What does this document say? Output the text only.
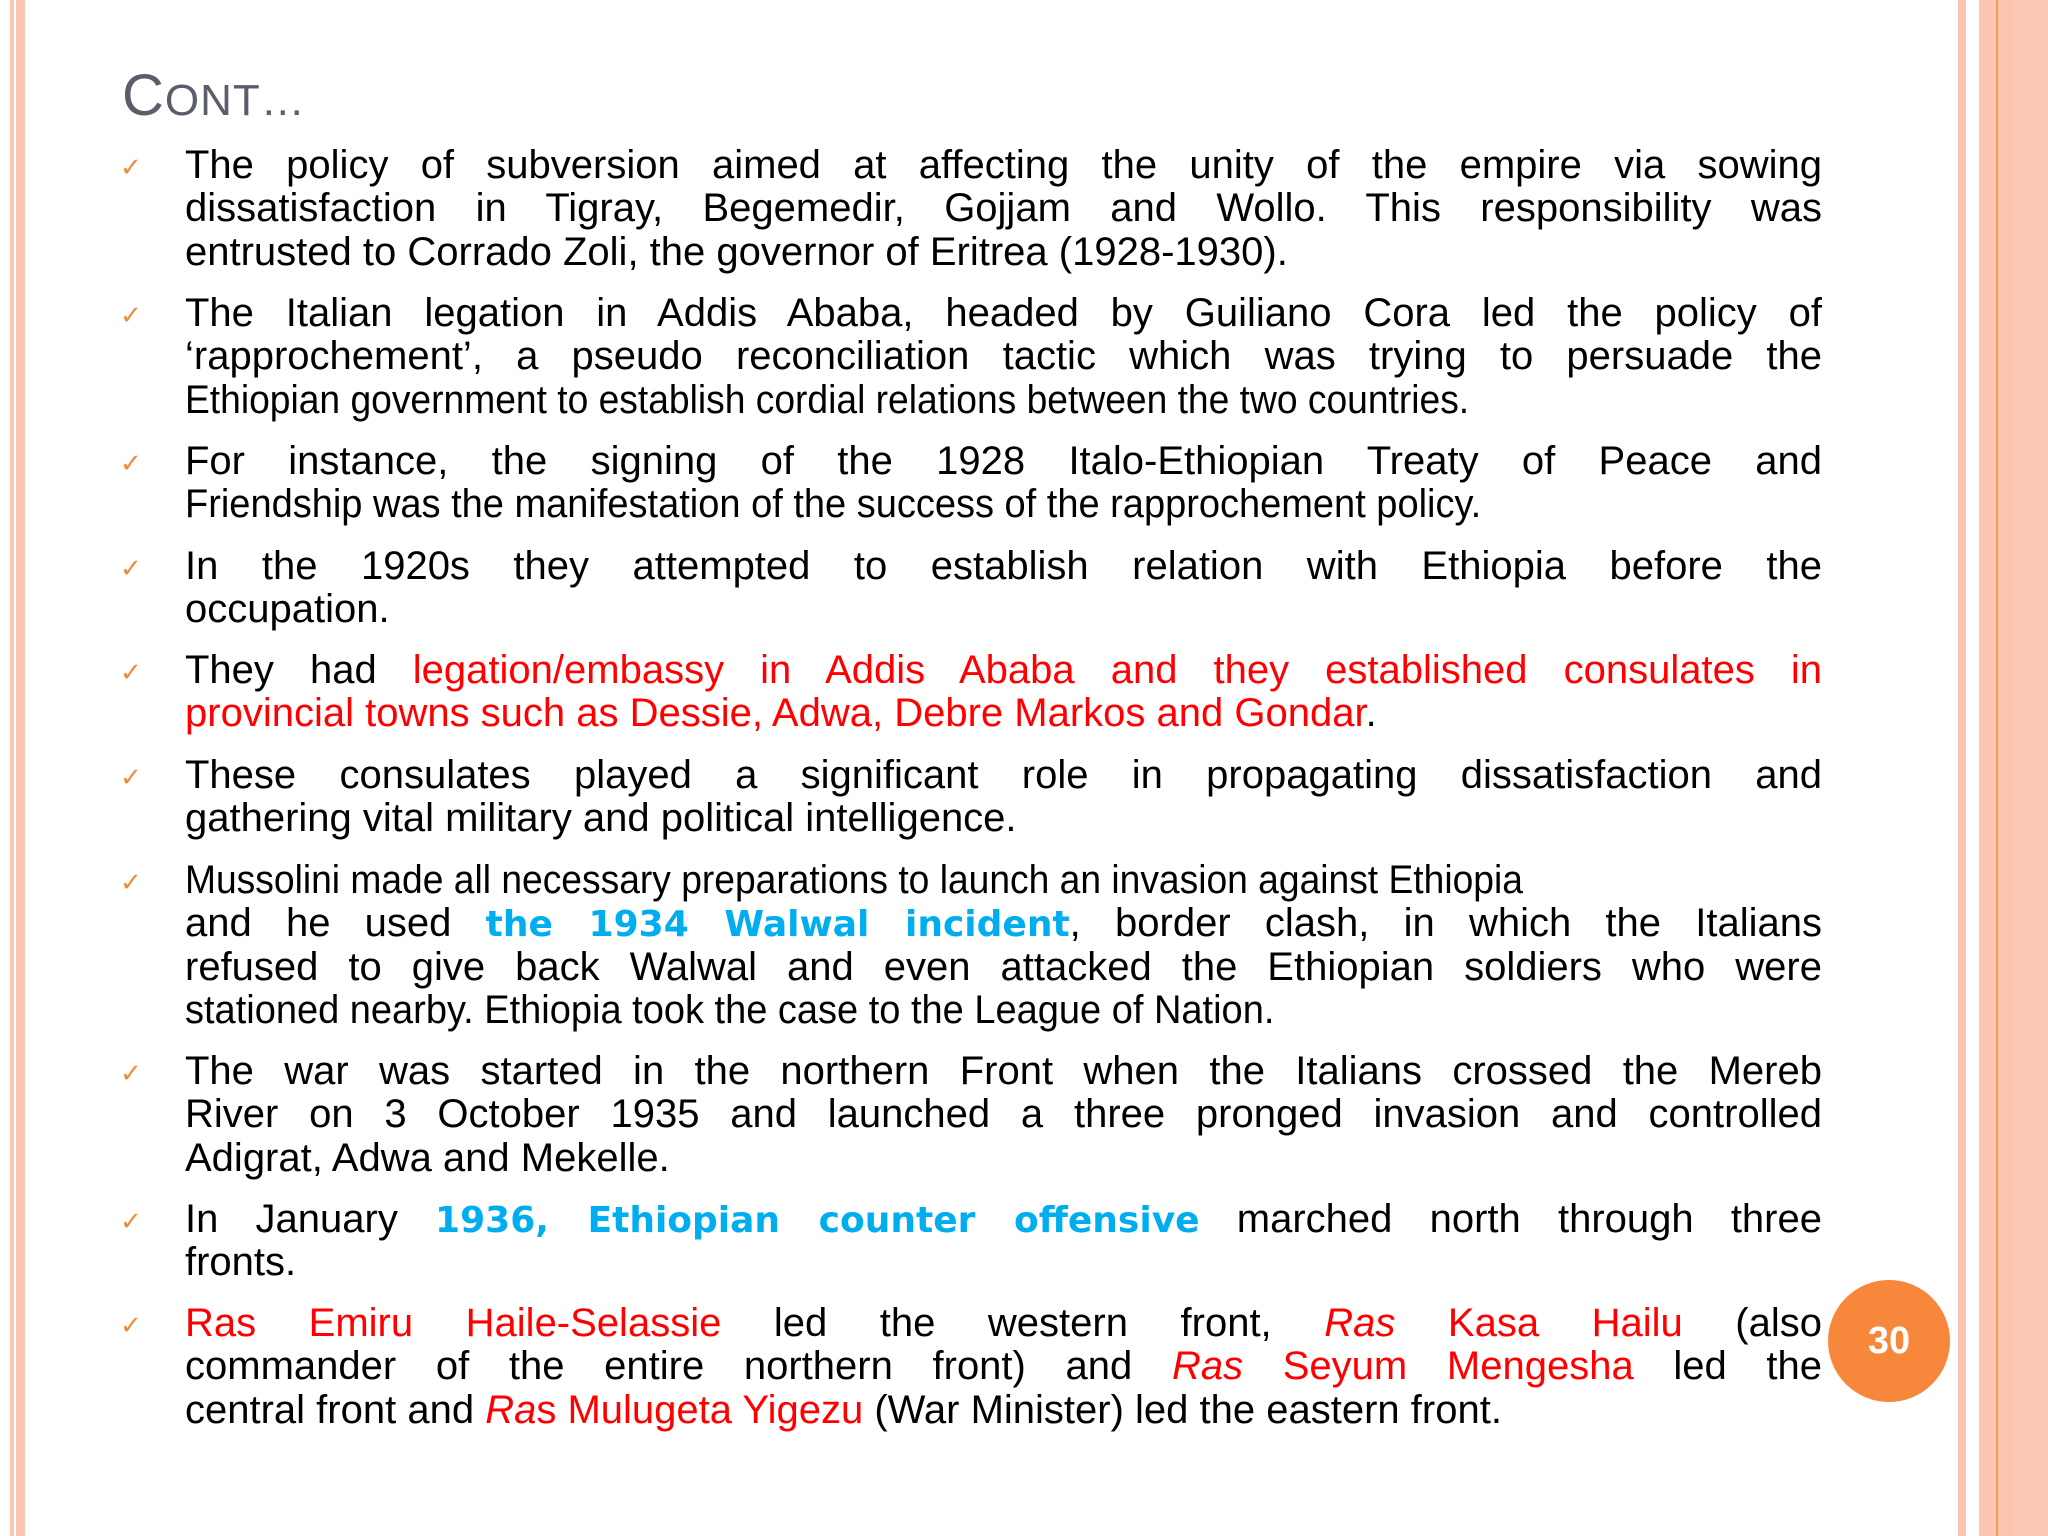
CONT…
✓ The policy of subversion aimed at affecting the unity of the empire via sowing
dissatisfaction in Tigray, Begemedir, Gojjam and Wollo. This responsibility was
entrusted to Corrado Zoli, the governor of Eritrea (1928-1930).
✓ The Italian legation in Addis Ababa, headed by Guiliano Cora led the policy of
‘rapprochement’, a pseudo reconciliation tactic which was trying to persuade the
Ethiopian government to establish cordial relations between the two countries.
✓ For instance, the signing of the 1928 Italo-Ethiopian Treaty of Peace and
Friendship was the manifestation of the success of the rapprochement policy.
✓ In the 1920s they attempted to establish relation with Ethiopia before the
occupation.
✓ They had legation/embassy in Addis Ababa and they established consulates in
provincial towns such as Dessie, Adwa, Debre Markos and Gondar.
✓ These consulates played a significant role in propagating dissatisfaction and
gathering vital military and political intelligence.
✓ Mussolini made all necessary preparations to launch an invasion against Ethiopia
and he used the 1934 Walwal incident, border clash, in which the Italians
refused to give back Walwal and even attacked the Ethiopian soldiers who were
stationed nearby. Ethiopia took the case to the League of Nation.
✓ The war was started in the northern Front when the Italians crossed the Mereb
River on 3 October 1935 and launched a three pronged invasion and controlled
Adigrat, Adwa and Mekelle.
✓ In January 1936, Ethiopian counter offensive marched north through three
fronts.
✓ Ras Emiru Haile-Selassie led the western front, Ras Kasa Hailu (also
commander of the entire northern front) and Ras Seyum Mengesha led the
central front and Ras Mulugeta Yigezu (War Minister) led the eastern front.
30
